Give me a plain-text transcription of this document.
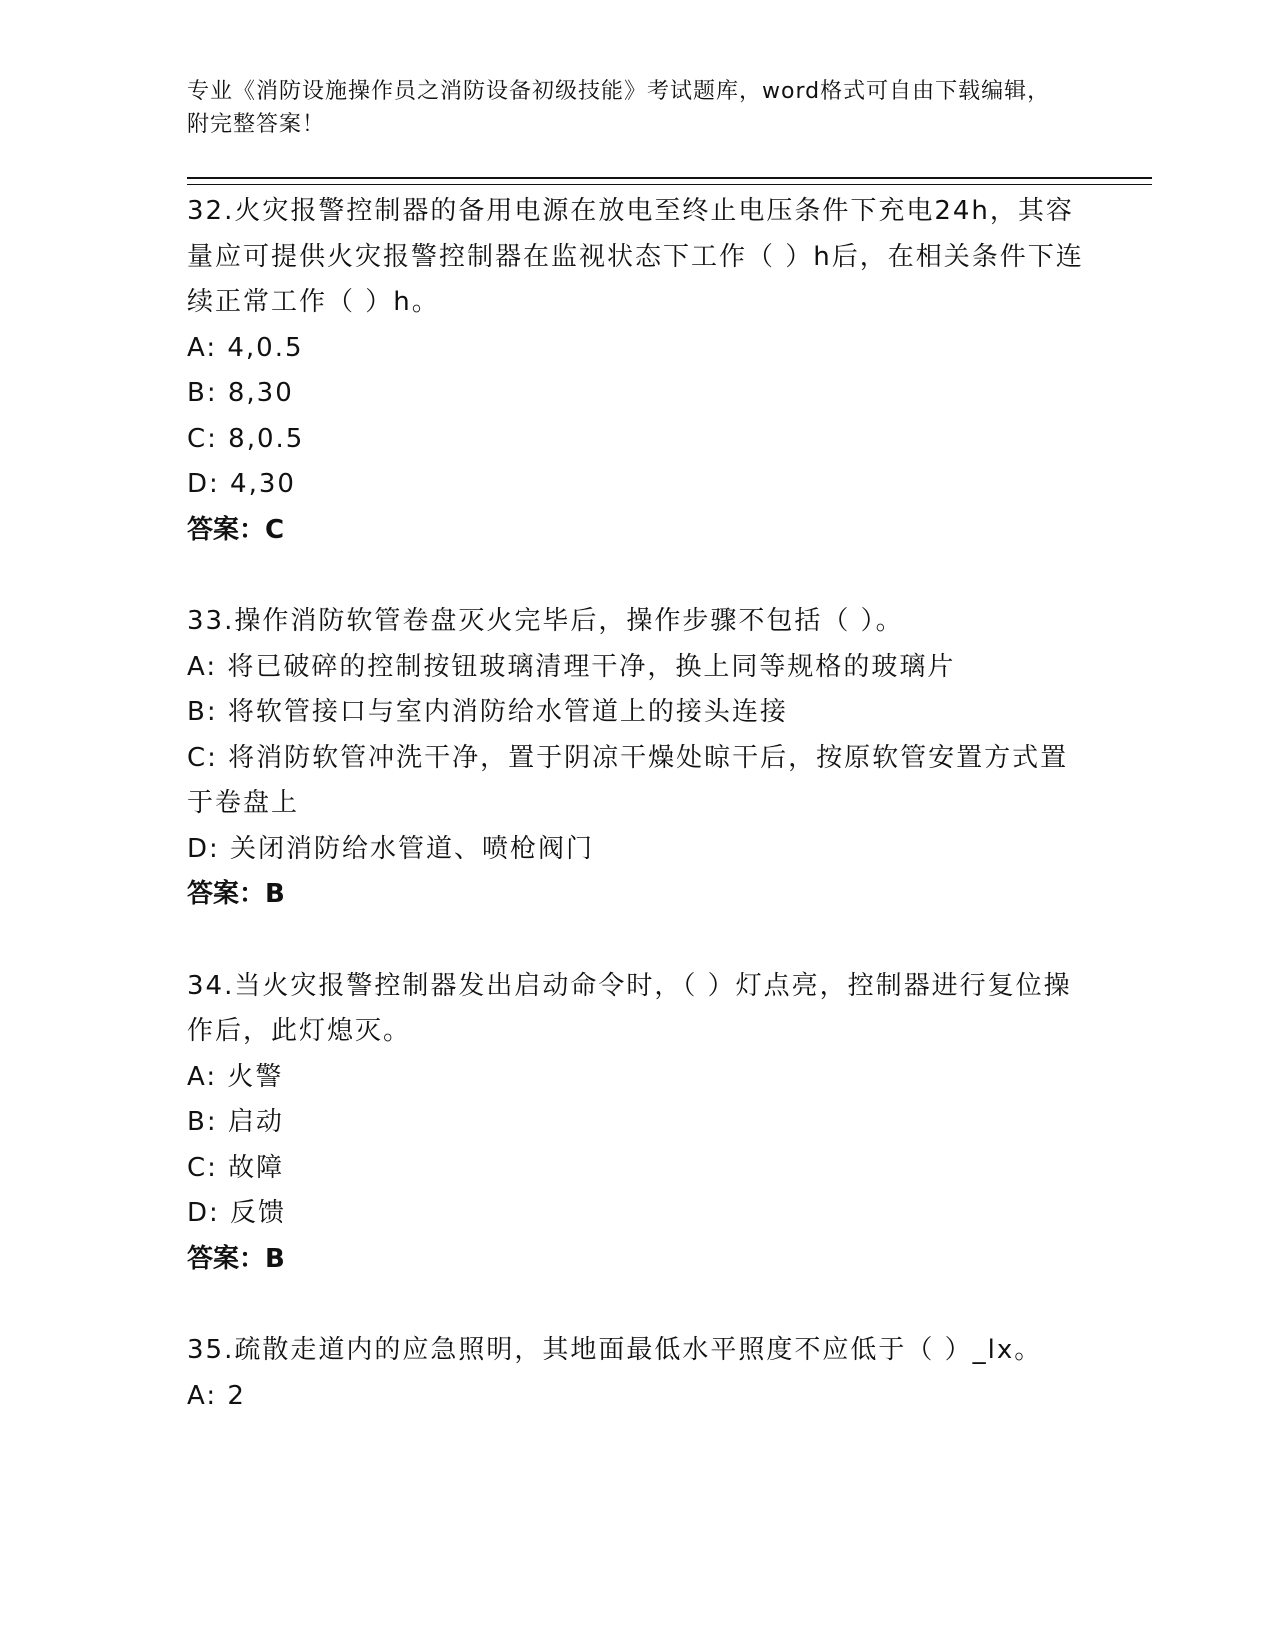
专业《消防设施操作员之消防设备初级技能》考试题库，word格式可自由下载编辑，附完整答案！

32.火灾报警控制器的备用电源在放电至终止电压条件下充电24h，其容量应可提供火灾报警控制器在监视状态下工作（ ）h后，在相关条件下连续正常工作（ ）h。

A: 4,0.5

B: 8,30

C: 8,0.5

D: 4,30

答案：C

33.操作消防软管卷盘灭火完毕后，操作步骤不包括（ ）。

A: 将已破碎的控制按钮玻璃清理干净，换上同等规格的玻璃片

B: 将软管接口与室内消防给水管道上的接头连接

C: 将消防软管冲洗干净，置于阴凉干燥处晾干后，按原软管安置方式置于卷盘上

D: 关闭消防给水管道、喷枪阀门

答案：B

34.当火灾报警控制器发出启动命令时，（ ）灯点亮，控制器进行复位操作后，此灯熄灭。

A: 火警

B: 启动

C: 故障

D: 反馈

答案：B

35.疏散走道内的应急照明，其地面最低水平照度不应低于（ ）_lx。

A: 2
